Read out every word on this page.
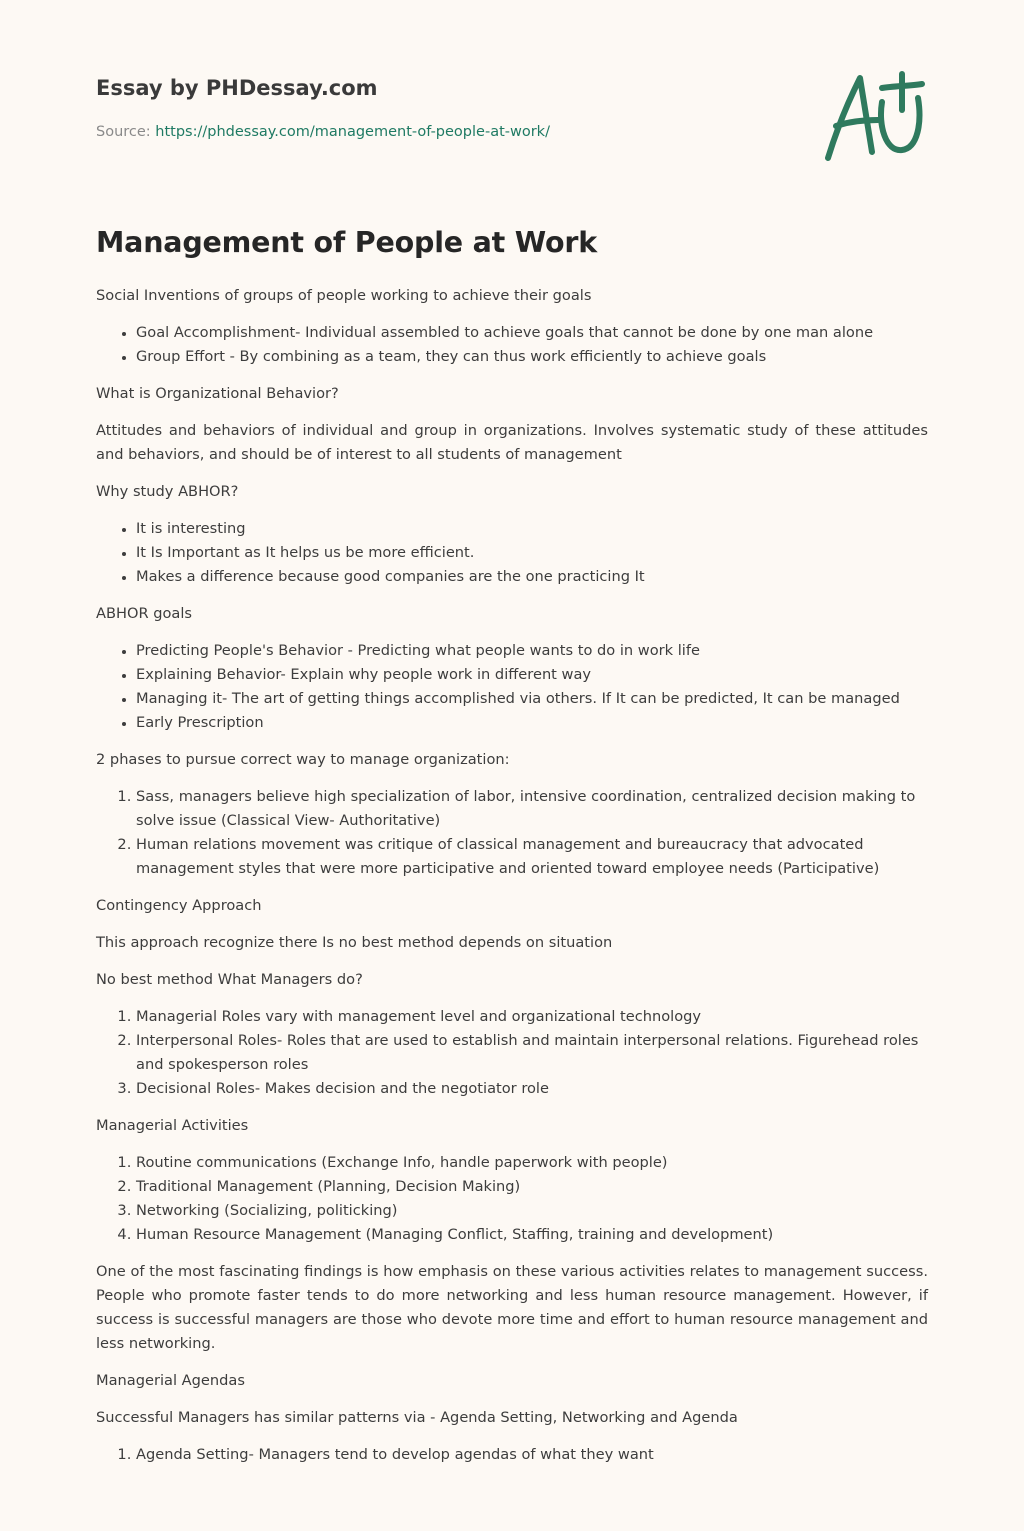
Essay by PHDessay.com

Source: https://phdessay.com/management-of-people-at-work/

Management of People at Work

Social Inventions of groups of people working to achieve their goals

• Goal Accomplishment- Individual assembled to achieve goals that cannot be done by one man alone
• Group Effort - By combining as a team, they can thus work efficiently to achieve goals

What is Organizational Behavior?

Attitudes and behaviors of individual and group in organizations. Involves systematic study of these attitudes and behaviors, and should be of interest to all students of management

Why study ABHOR?

• It is interesting
• It Is Important as It helps us be more efficient.
• Makes a difference because good companies are the one practicing It

ABHOR goals

• Predicting People's Behavior - Predicting what people wants to do in work life
• Explaining Behavior- Explain why people work in different way
• Managing it- The art of getting things accomplished via others. If It can be predicted, It can be managed
• Early Prescription

2 phases to pursue correct way to manage organization:

1. Sass, managers believe high specialization of labor, intensive coordination, centralized decision making to solve issue (Classical View- Authoritative)
2. Human relations movement was critique of classical management and bureaucracy that advocated management styles that were more participative and oriented toward employee needs (Participative)

Contingency Approach

This approach recognize there Is no best method depends on situation

No best method What Managers do?

1. Managerial Roles vary with management level and organizational technology
2. Interpersonal Roles- Roles that are used to establish and maintain interpersonal relations. Figurehead roles and spokesperson roles
3. Decisional Roles- Makes decision and the negotiator role

Managerial Activities

1. Routine communications (Exchange Info, handle paperwork with people)
2. Traditional Management (Planning, Decision Making)
3. Networking (Socializing, politicking)
4. Human Resource Management (Managing Conflict, Staffing, training and development)

One of the most fascinating findings is how emphasis on these various activities relates to management success. People who promote faster tends to do more networking and less human resource management. However, if success is successful managers are those who devote more time and effort to human resource management and less networking.

Managerial Agendas

Successful Managers has similar patterns via - Agenda Setting, Networking and Agenda

1. Agenda Setting- Managers tend to develop agendas of what they want
